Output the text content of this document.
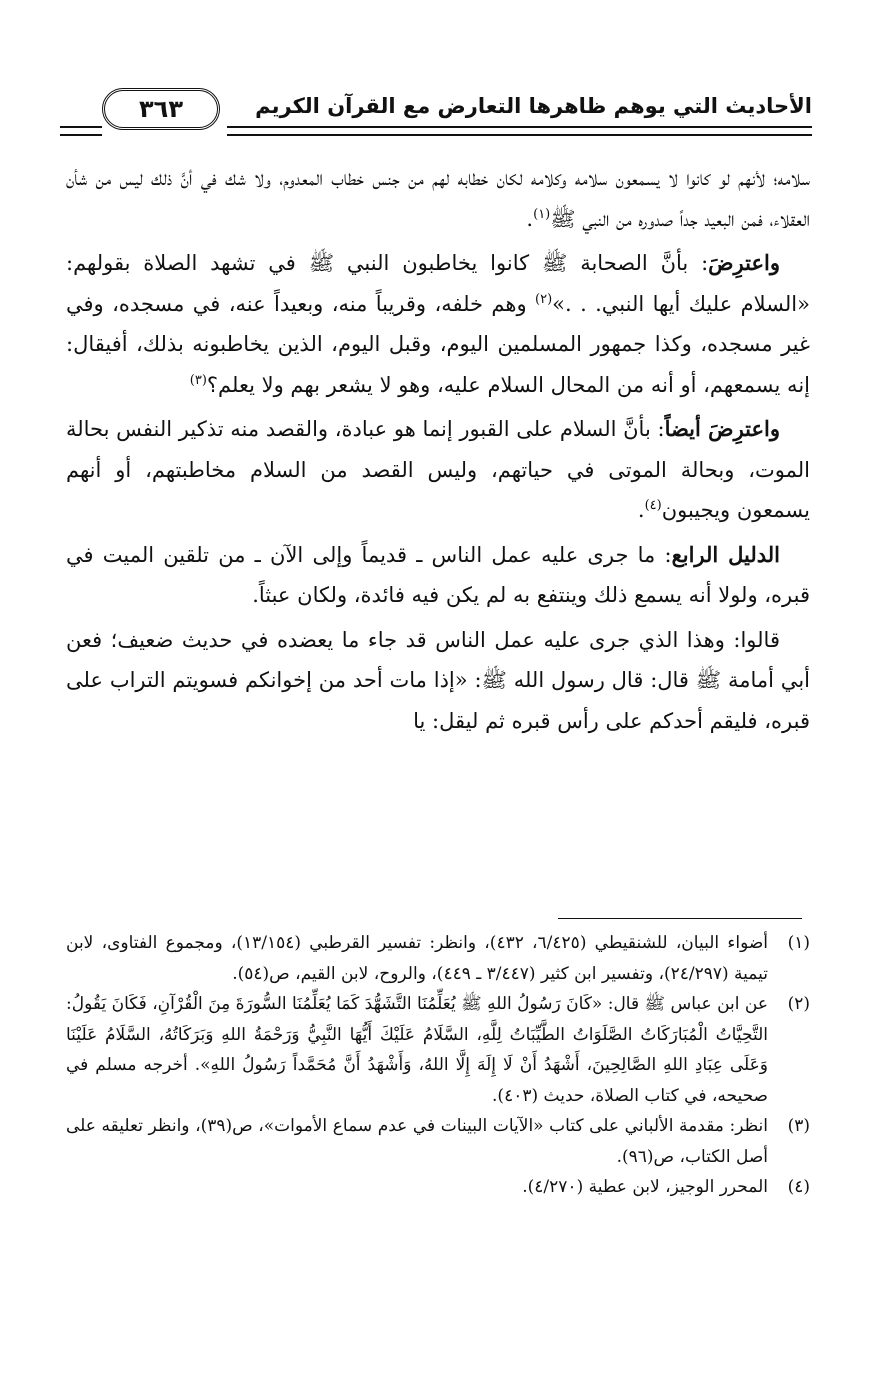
الأحاديث التي يوهم ظاهرها التعارض مع القرآن الكريم
٣٦٣

سلامه؛ لأنهم لو كانوا لا يسمعون سلامه وكلامه لكان خطابه لهم من جنس خطاب المعدوم، ولا شك في أنَّ ذلك ليس من شأن العقلاء، فمن البعيد جداً صدوره من النبي ﷺ$^{(١)}$.

واعترِضَ: بأنَّ الصحابة ﷺ كانوا يخاطبون النبي ﷺ في تشهد الصلاة بقولهم: «السلام عليك أيها النبي. . .»$^{(٢)}$ وهم خلفه، وقريباً منه، وبعيداً عنه، في مسجده، وفي غير مسجده، وكذا جمهور المسلمين اليوم، وقبل اليوم، الذين يخاطبونه بذلك، أفيقال: إنه يسمعهم، أو أنه من المحال السلام عليه، وهو لا يشعر بهم ولا يعلم؟$^{(٣)}$

واعترِضَ أيضاً: بأنَّ السلام على القبور إنما هو عبادة، والقصد منه تذكير النفس بحالة الموت، وبحالة الموتى في حياتهم، وليس القصد من السلام مخاطبتهم، أو أنهم يسمعون ويجيبون$^{(٤)}$.

الدليل الرابع: ما جرى عليه عمل الناس ـ قديماً وإلى الآن ـ من تلقين الميت في قبره، ولولا أنه يسمع ذلك وينتفع به لم يكن فيه فائدة، ولكان عبثاً.

قالوا: وهذا الذي جرى عليه عمل الناس قد جاء ما يعضده في حديث ضعيف؛ فعن أبي أمامة ﷺ قال: قال رسول الله ﷺ: «إذا مات أحد من إخوانكم فسويتم التراب على قبره، فليقم أحدكم على رأس قبره ثم ليقل: يا

(١)
أضواء البيان، للشنقيطي (٦/٤٢٥، ٤٣٢)، وانظر: تفسير القرطبي (١٣/١٥٤)، ومجموع الفتاوى، لابن تيمية (٢٤/٢٩٧)، وتفسير ابن كثير (٣/٤٤٧ ـ ٤٤٩)، والروح، لابن القيم، ص(٥٤).
(٢)
عن ابن عباس ﷺ قال: «كَانَ رَسُولُ اللهِ ﷺ يُعَلِّمُنَا التَّشَهُّدَ كَمَا يُعَلِّمُنَا السُّورَةَ مِنَ الْقُرْآنِ، فَكَانَ يَقُولُ: التَّحِيَّاتُ الْمُبَارَكَاتُ الصَّلَوَاتُ الطَّيِّبَاتُ لِلَّهِ، السَّلَامُ عَلَيْكَ أَيُّهَا النَّبِيُّ وَرَحْمَةُ اللهِ وَبَرَكَاتُهُ، السَّلَامُ عَلَيْنَا وَعَلَى عِبَادِ اللهِ الصَّالِحِينَ، أَشْهَدُ أَنْ لَا إِلَهَ إِلَّا اللهُ، وَأَشْهَدُ أَنَّ مُحَمَّداً رَسُولُ اللهِ». أخرجه مسلم في صحيحه، في كتاب الصلاة، حديث (٤٠٣).
(٣)
انظر: مقدمة الألباني على كتاب «الآيات البينات في عدم سماع الأموات»، ص(٣٩)، وانظر تعليقه على أصل الكتاب، ص(٩٦).
(٤)
المحرر الوجيز، لابن عطية (٤/٢٧٠).
